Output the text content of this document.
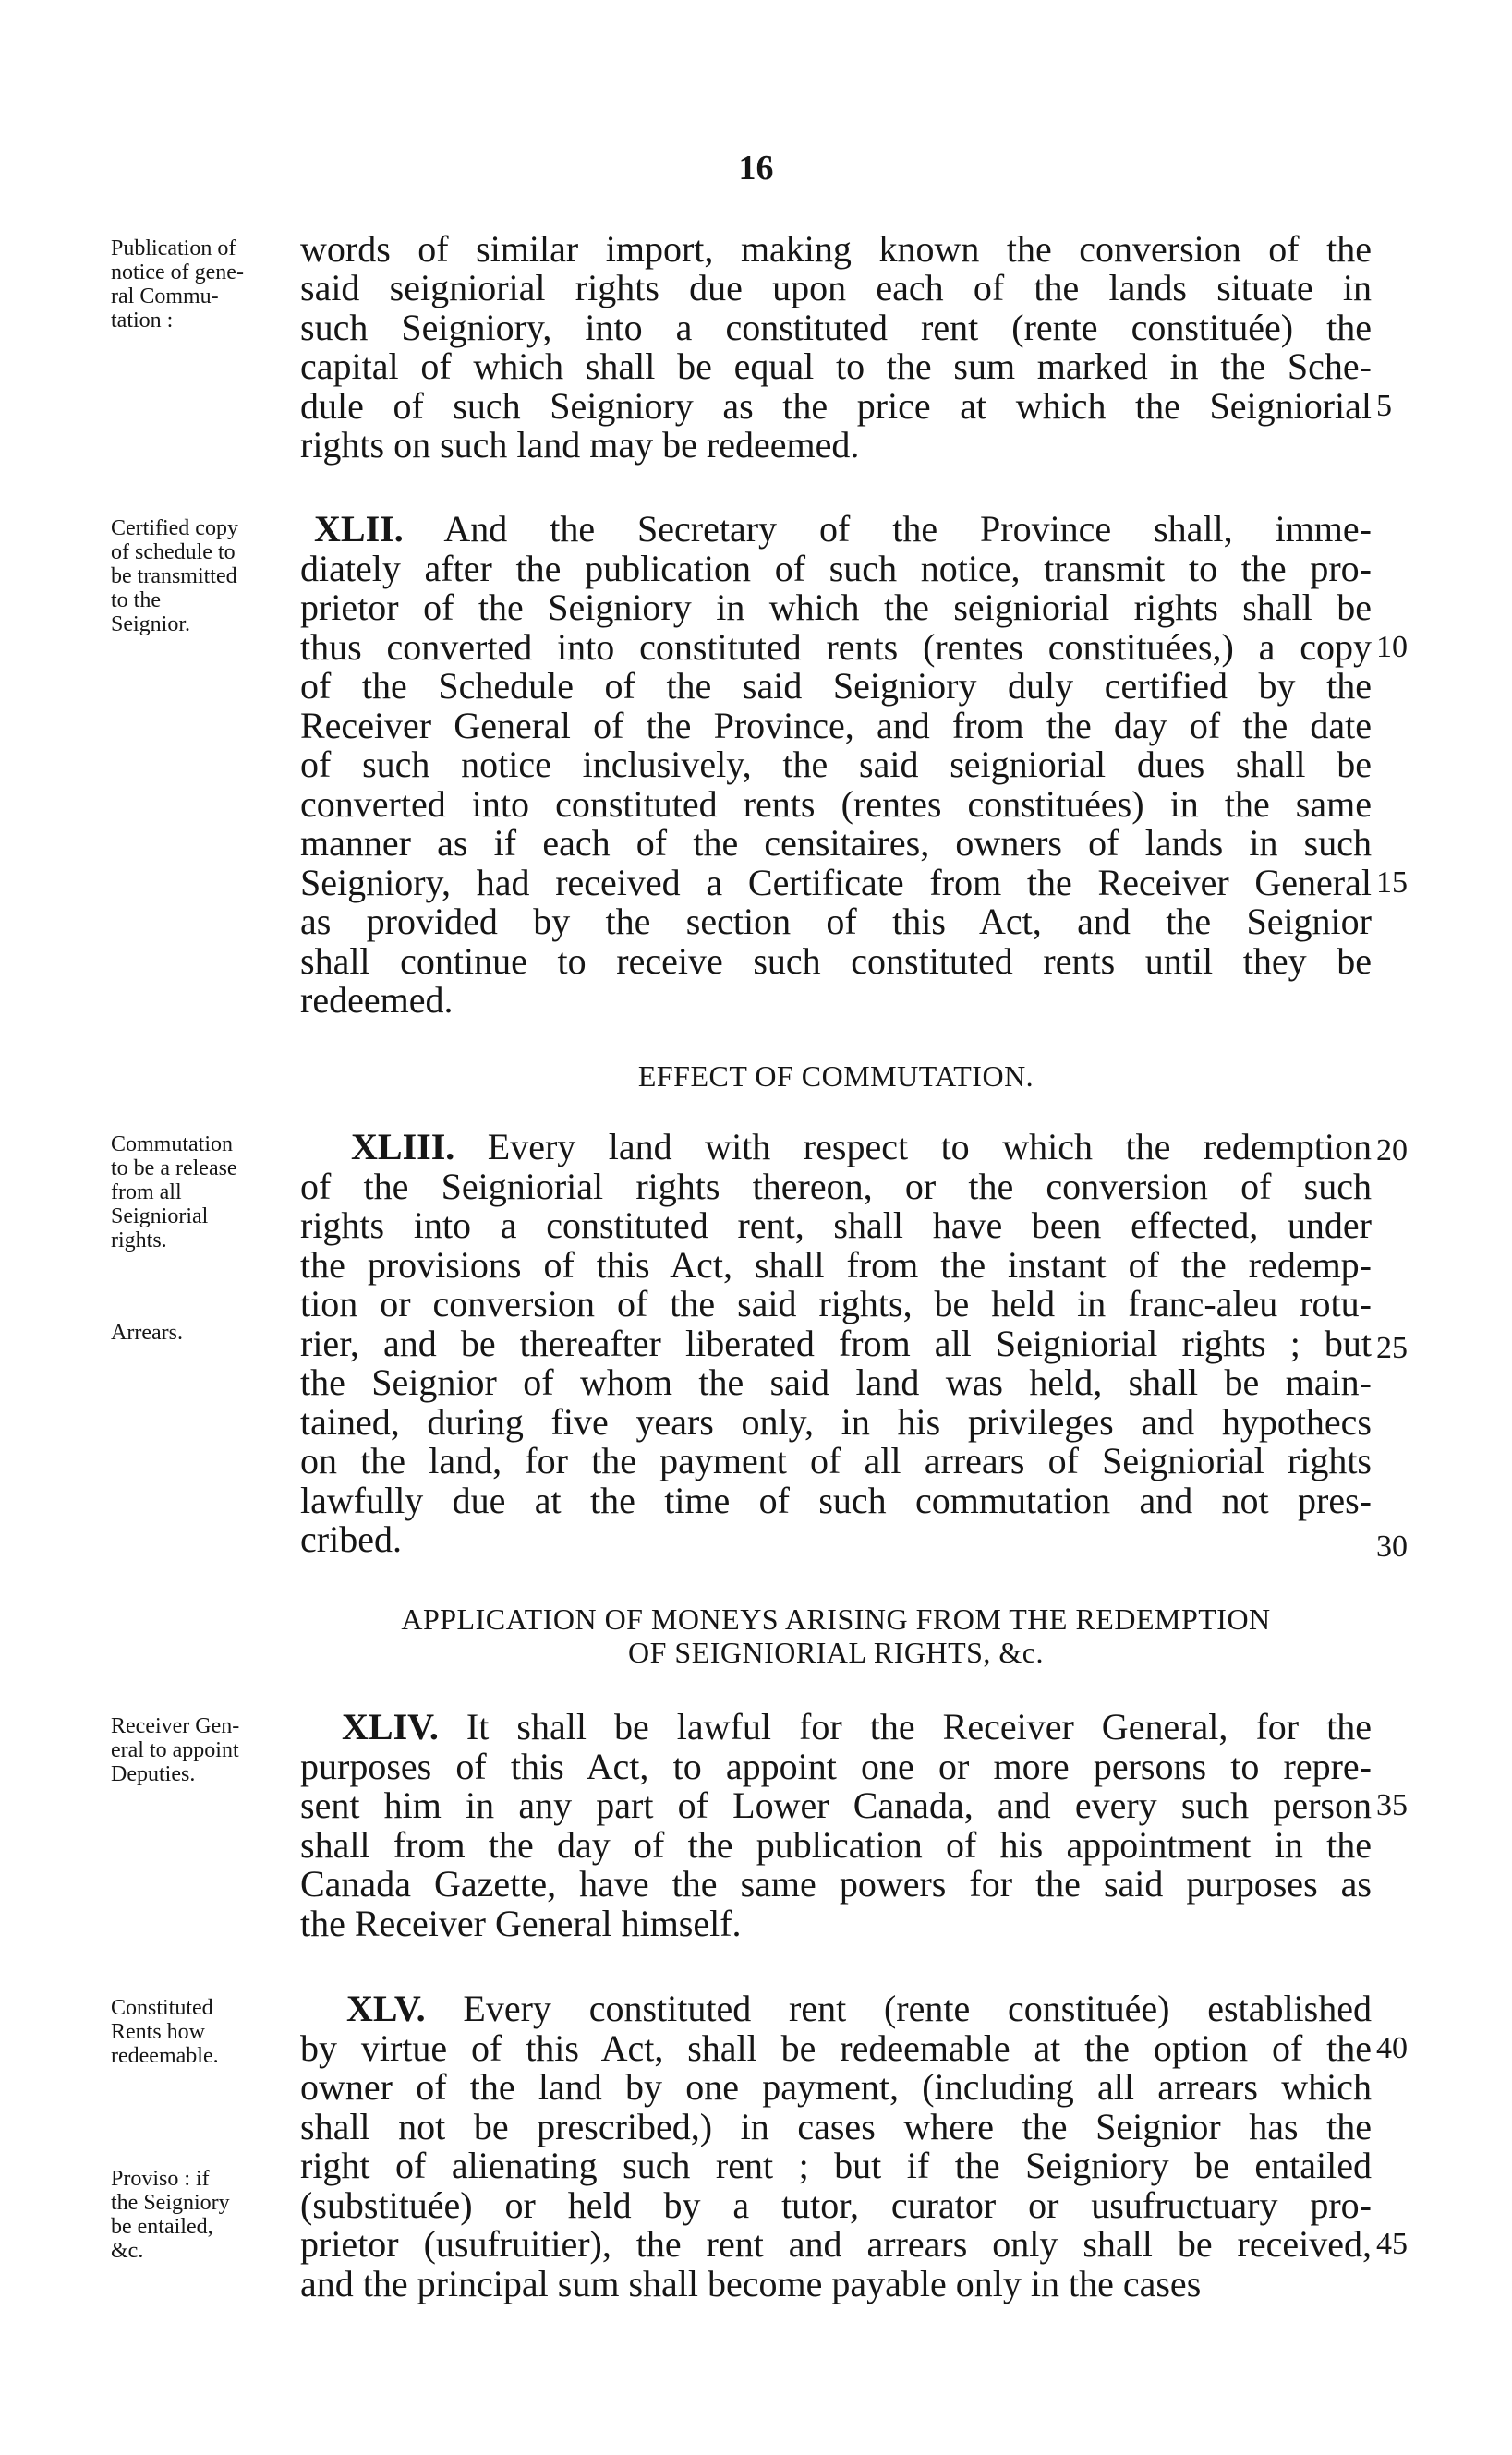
16
Publication of
notice of gene-
ral Commu-
tation :
Certified copy
of schedule to
be transmitted
to the
Seignior.
Commutation
to be a release
from all
Seigniorial
rights.
Arrears.
Receiver Gen-
eral to appoint
Deputies.
Constituted
Rents how
redeemable.
Proviso : if
the Seigniory
be entailed,
&c.
words of similar import, making known the conversion of the
said seigniorial rights due upon each of the lands situate in
such Seigniory, into a constituted rent (rente constituée) the
capital of which shall be equal to the sum marked in the Sche-
dule of such Seigniory as the price at which the Seigniorial
rights on such land may be redeemed.
5
XLII. And the Secretary of the Province shall, imme-
diately after the publication of such notice, transmit to the pro-
prietor of the Seigniory in which the seigniorial rights shall be
thus converted into constituted rents (rentes constituées,) a copy
of the Schedule of the said Seigniory duly certified by the
Receiver General of the Province, and from the day of the date
of such notice inclusively, the said seigniorial dues shall be
converted into constituted rents (rentes constituées) in the same
manner as if each of the censitaires, owners of lands in such
Seigniory, had received a Certificate from the Receiver General
as provided by the section of this Act, and the Seignior
shall continue to receive such constituted rents until they be
redeemed.
10
15
EFFECT OF COMMUTATION.
XLIII. Every land with respect to which the redemption
of the Seigniorial rights thereon, or the conversion of such
rights into a constituted rent, shall have been effected, under
the provisions of this Act, shall from the instant of the redemp-
tion or conversion of the said rights, be held in franc-aleu rotu-
rier, and be thereafter liberated from all Seigniorial rights ; but
the Seignior of whom the said land was held, shall be main-
tained, during five years only, in his privileges and hypothecs
on the land, for the payment of all arrears of Seigniorial rights
lawfully due at the time of such commutation and not pres-
cribed.
20
25
30
APPLICATION OF MONEYS ARISING FROM THE REDEMPTION
OF SEIGNIORIAL RIGHTS, &c.
XLIV. It shall be lawful for the Receiver General, for the
purposes of this Act, to appoint one or more persons to repre-
sent him in any part of Lower Canada, and every such person
shall from the day of the publication of his appointment in the
Canada Gazette, have the same powers for the said purposes as
the Receiver General himself.
35
XLV. Every constituted rent (rente constituée) established
by virtue of this Act, shall be redeemable at the option of the
owner of the land by one payment, (including all arrears which
shall not be prescribed,) in cases where the Seignior has the
right of alienating such rent ; but if the Seigniory be entailed
(substituée) or held by a tutor, curator or usufructuary pro-
prietor (usufruitier), the rent and arrears only shall be received,
and the principal sum shall become payable only in the cases
40
45
